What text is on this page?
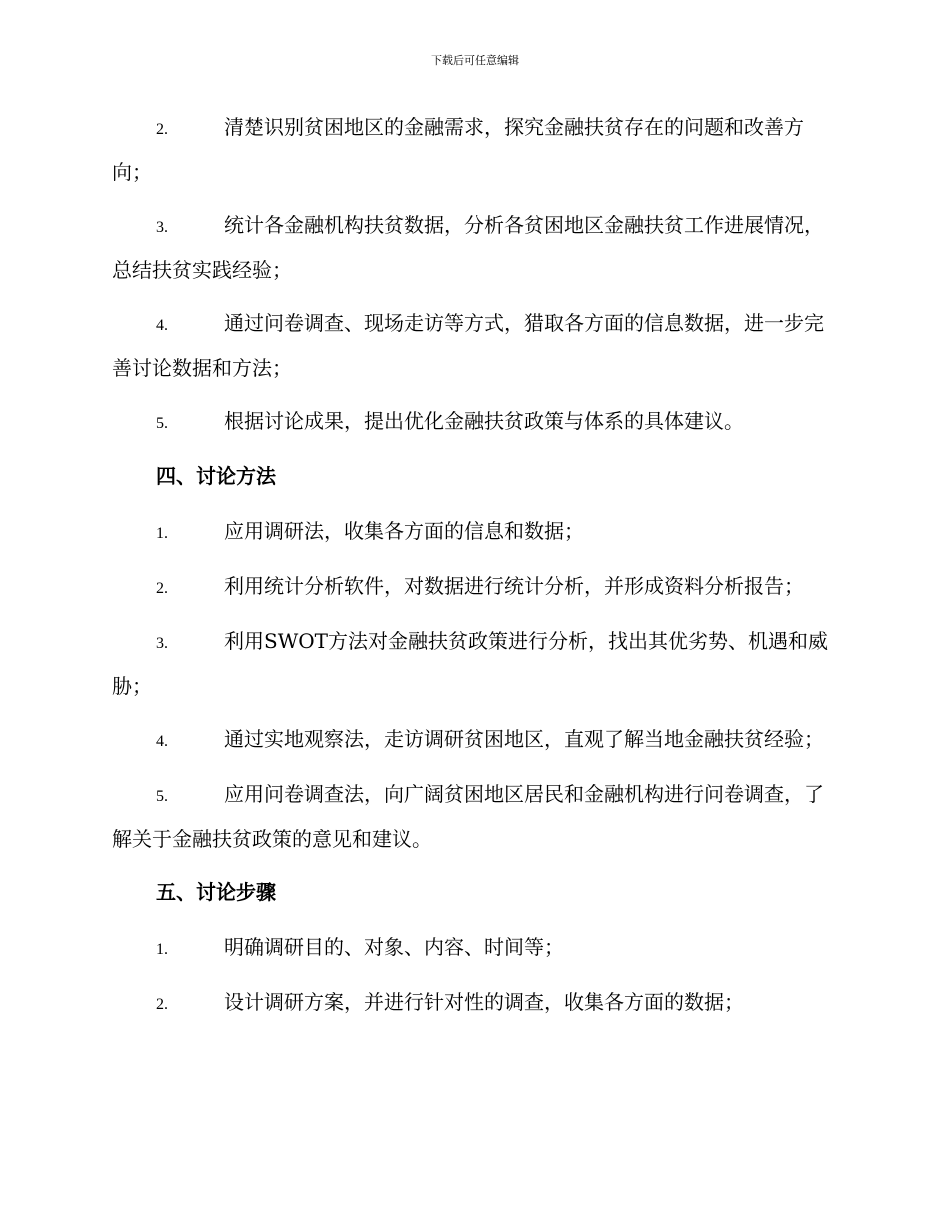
下载后可任意编辑
2.	清楚识别贫困地区的金融需求，探究金融扶贫存在的问题和改善方向；
3.	统计各金融机构扶贫数据，分析各贫困地区金融扶贫工作进展情况，总结扶贫实践经验；
4.	通过问卷调查、现场走访等方式，猎取各方面的信息数据，进一步完善讨论数据和方法；
5.	根据讨论成果，提出优化金融扶贫政策与体系的具体建议。
四、讨论方法
1.	应用调研法，收集各方面的信息和数据；
2.	利用统计分析软件，对数据进行统计分析，并形成资料分析报告；
3.	利用SWOT方法对金融扶贫政策进行分析，找出其优劣势、机遇和威胁；
4.	通过实地观察法，走访调研贫困地区，直观了解当地金融扶贫经验；
5.	应用问卷调查法，向广阔贫困地区居民和金融机构进行问卷调查，了解关于金融扶贫政策的意见和建议。
五、讨论步骤
1.	明确调研目的、对象、内容、时间等；
2.	设计调研方案，并进行针对性的调查，收集各方面的数据；
